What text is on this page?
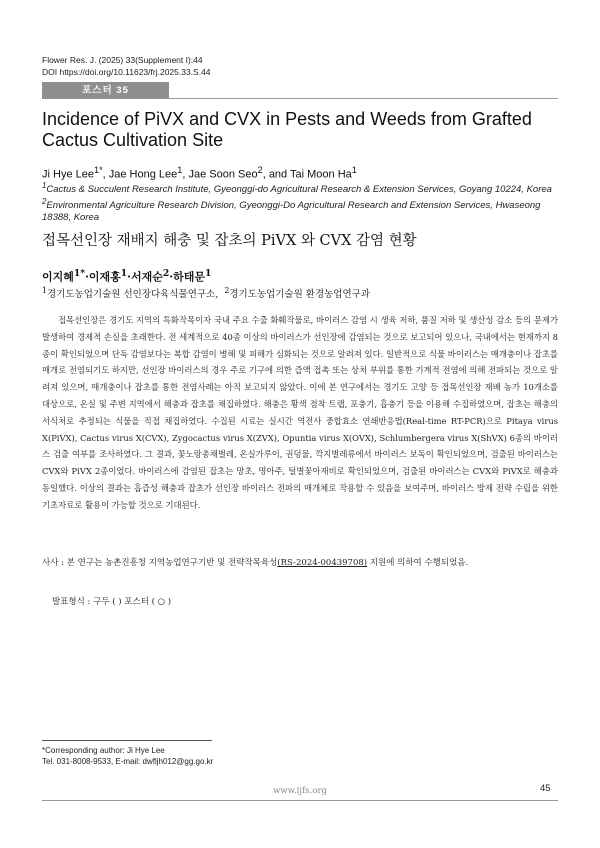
Flower Res. J. (2025) 33(Supplement I):44
DOI https://doi.org/10.11623/frj.2025.33.S.44
포스터 35
Incidence of PiVX and CVX in Pests and Weeds from Grafted Cactus Cultivation Site
Ji Hye Lee$^{1*}$, Jae Hong Lee$^1$, Jae Soon Seo$^2$, and Tai Moon Ha$^1$

$^1$Cactus & Succulent Research Institute, Gyeonggi-do Agricultural Research & Extension Services, Goyang 10224, Korea

$^2$Environmental Agriculture Research Division, Gyeonggi-Do Agricultural Research and Extension Services, Hwaseong 18388, Korea

접목선인장 재배지 해충 및 잡초의 PiVX 와 CVX 감염 현황
이지혜$^{1*}$·이재홍$^1$·서재순$^2$·하태문$^1$
$^1$경기도농업기술원 선인장다육식물연구소, $^2$경기도농업기술원 환경농업연구과

접목선인장은 경기도 지역의 특화작목이자 국내 주요 수출 화훼작물로, 바이러스 감염 시 생육 저하, 품질 저하 및 생산성 감소 등의 문제가 발생하여 경제적 손실을 초래한다. 전 세계적으로 40종 이상의 바이러스가 선인장에 감염되는 것으로 보고되어 있으나, 국내에서는 현재까지 8종이 확인되었으며 단독 감염보다는 복합 감염이 병해 및 피해가 심화되는 것으로 알려져 있다. 일반적으로 식물 바이러스는 매개충이나 잡초를 매개로 전염되기도 하지만, 선인장 바이러스의 경우 주로 기구에 의한 즙액 접촉 또는 상처 부위를 통한 기계적 전염에 의해 전파되는 것으로 알려져 있으며, 매개충이나 잡초를 통한 전염사례는 아직 보고되지 않았다. 이에 본 연구에서는 경기도 고양 등 접목선인장 재배 농가 10개소를 대상으로, 온실 및 주변 지역에서 해충과 잡초를 채집하였다. 해충은 황색 점착 트랩, 포충기, 흡충기 등을 이용해 수집하였으며, 잡초는 해충의 서식처로 추정되는 식물을 직접 채집하였다. 수집된 시료는 실시간 역전사 중합효소 연쇄반응법(Real-time RT-PCR)으로 Pitaya virus X(PiVX), Cactus virus X(CVX), Zygocactus virus X(ZVX), Opuntia virus X(OVX), Schlumbergera virus X(ShVX) 6종의 바이러스 검출 여부를 조사하였다. 그 결과, 꽃노랑총채벌레, 온실가루이, 권덩물, 깍지벌레류에서 바이러스 보독이 확인되었으며, 검출된 바이러스는 CVX와 PiVX 2종이었다. 바이러스에 감염된 잡초는 망초, 명아주, 털별꽃아재비로 확인되었으며, 검출된 바이러스는 CVX와 PiVX로 해충과 동일했다. 이상의 결과는 흡즙성 해충과 잡초가 선인장 바이러스 전파의 매개체로 작용할 수 있음을 보여주며, 바이러스 방제 전략 수립을 위한 기초자료로 활용이 가능할 것으로 기대된다.

사사 : 본 연구는 농촌진흥청 지역농업연구기반 및 전략작목육성(RS-2024-00439708) 지원에 의하여 수행되었음.
발표형식 : 구두 ( ) 포스터 ( ○ )

*Corresponding author: Ji Hye Lee

Tel. 031-8008-9533, E-mail: dwfljh012@gg.go.kr

www.ijfs.org	45
